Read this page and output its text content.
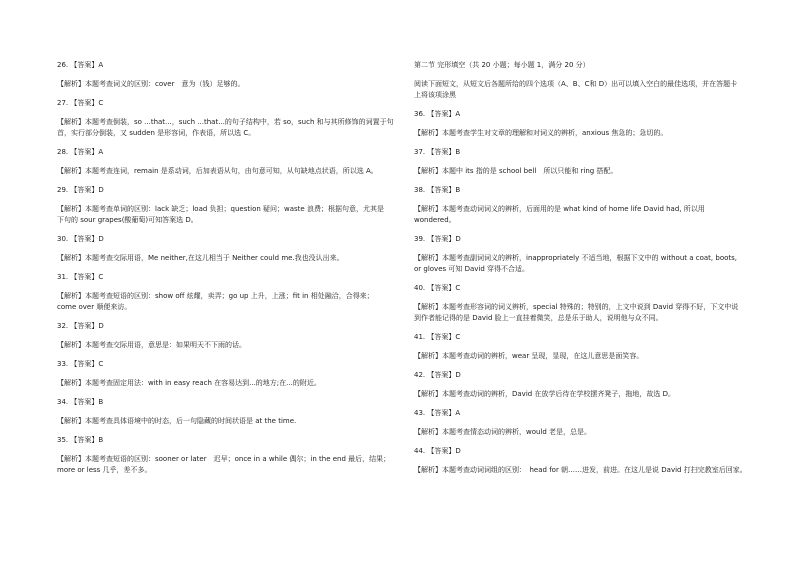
26. 【答案】A

【解析】本题考查词义的区别：cover　意为（钱）足够的。

27. 【答案】C

【解析】本题考查倒装，so ...that...，such ...that...的句子结构中，若 so，such 和与其所修饰的词置于句

首，实行部分倒装，又 sudden 是形容词，作表语，所以选 C。

28. 【答案】A

【解析】本题考查连词，remain 是系动词，后加表语从句，由句意可知，从句缺地点状语，所以选 A。

29. 【答案】D

【解析】本题考查单词的区别：lack 缺乏；load 负担；question 疑问；waste 浪费；根据句意，尤其是

下句的 sour grapes(酸葡萄)可知答案选 D。

30. 【答案】D

【解析】本题考查交际用语，Me neither,在这儿相当于 Neither could me.我也没认出来。

31. 【答案】C

【解析】本题考查短语的区别：show off 炫耀，卖弄；go up 上升，上涨；fit in 相处融洽，合得来；

come over 顺便来访。

32. 【答案】D

【解析】本题考查交际用语，意思是：如果明天不下雨的话。

33. 【答案】C

【解析】本题考查固定用法：with in easy reach 在容易达到...的地方;在...的附近。

34. 【答案】B

【解析】本题考查具体语境中的时态，后一句隐藏的时间状语是 at the time.

35. 【答案】B

【解析】本题考查短语的区别：sooner or later　迟早；once in a while 偶尔；in the end 最后，结果；

more or less 几乎，差不多。

第二节 完形填空（共 20 小题；每小题 1，满分 20 分）

阅读下面短文，从短文后各题所给的四个选项（A、B、C和 D）出可以填入空白的最佳选项，并在答题卡

上将该项涂黑

36. 【答案】A

【解析】本题考查学生对文章的理解和对词义的辨析，anxious 焦急的；急切的。

37. 【答案】B

【解析】本题中 its 指的是 school bell　所以只能和 ring 搭配。

38. 【答案】B

【解析】本题考查动词词义的辨析，后面用的是 what kind of home life David had, 所以用

wondered。

39. 【答案】D

【解析】本题考查副词词义的辨析，inappropriately 不适当地，根据下文中的 without a coat, boots,

or gloves 可知 David 穿得不合适。

40. 【答案】C

【解析】本题考查形容词的词义辨析，special 特殊的；特别的，上文中说到 David 穿得不好，下文中说

到作者能记得的是 David 脸上一直挂着微笑，总是乐于助人，说明他与众不同。

41. 【答案】C

【解析】本题考查动词的辨析，wear 呈现，显现，在这儿意思是面笑容。

42. 【答案】D

【解析】本题考查动词的辨析，David 在放学后待在学校摆齐凳子，拖地，故选 D。

43. 【答案】A

【解析】本题考查情态动词的辨析，would 老是，总是。

44. 【答案】D

【解析】本题考查动词词组的区别：　head for 朝……进发，前进。在这儿是说 David 打扫完教室后回家。
